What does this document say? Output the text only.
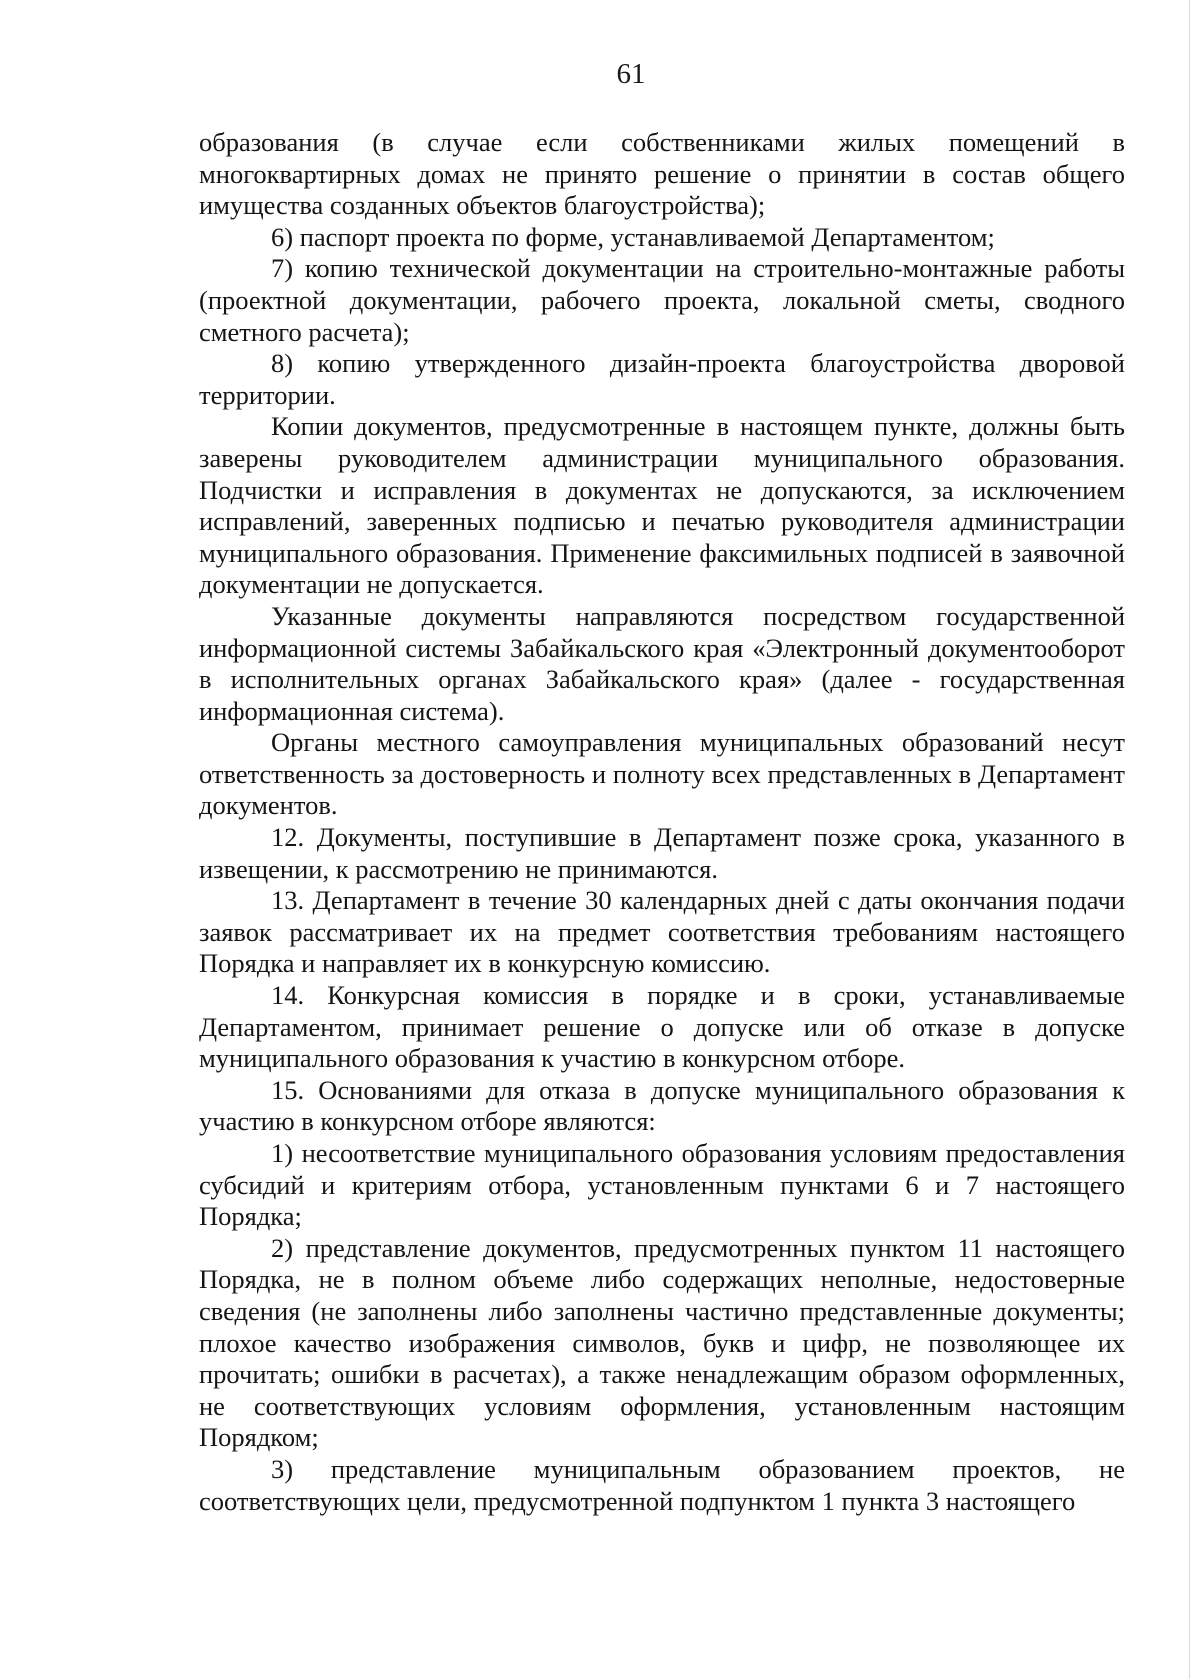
61

образования (в случае если собственниками жилых помещений в многоквартирных домах не принято решение о принятии в состав общего имущества созданных объектов благоустройства);

6) паспорт проекта по форме, устанавливаемой Департаментом;

7) копию технической документации на строительно-монтажные работы (проектной документации, рабочего проекта, локальной сметы, сводного сметного расчета);

8) копию утвержденного дизайн-проекта благоустройства дворовой территории.

Копии документов, предусмотренные в настоящем пункте, должны быть заверены руководителем администрации муниципального образования. Подчистки и исправления в документах не допускаются, за исключением исправлений, заверенных подписью и печатью руководителя администрации муниципального образования. Применение факсимильных подписей в заявочной документации не допускается.

Указанные документы направляются посредством государственной информационной системы Забайкальского края «Электронный документооборот в исполнительных органах Забайкальского края» (далее - государственная информационная система).

Органы местного самоуправления муниципальных образований несут ответственность за достоверность и полноту всех представленных в Департамент документов.

12. Документы, поступившие в Департамент позже срока, указанного в извещении, к рассмотрению не принимаются.

13. Департамент в течение 30 календарных дней с даты окончания подачи заявок рассматривает их на предмет соответствия требованиям настоящего Порядка и направляет их в конкурсную комиссию.

14. Конкурсная комиссия в порядке и в сроки, устанавливаемые Департаментом, принимает решение о допуске или об отказе в допуске муниципального образования к участию в конкурсном отборе.

15. Основаниями для отказа в допуске муниципального образования к участию в конкурсном отборе являются:

1) несоответствие муниципального образования условиям предоставления субсидий и критериям отбора, установленным пунктами 6 и 7 настоящего Порядка;

2) представление документов, предусмотренных пунктом 11 настоящего Порядка, не в полном объеме либо содержащих неполные, недостоверные сведения (не заполнены либо заполнены частично представленные документы; плохое качество изображения символов, букв и цифр, не позволяющее их прочитать; ошибки в расчетах), а также ненадлежащим образом оформленных, не соответствующих условиям оформления, установленным настоящим Порядком;

3) представление муниципальным образованием проектов, не соответствующих цели, предусмотренной подпунктом 1 пункта 3 настоящего
